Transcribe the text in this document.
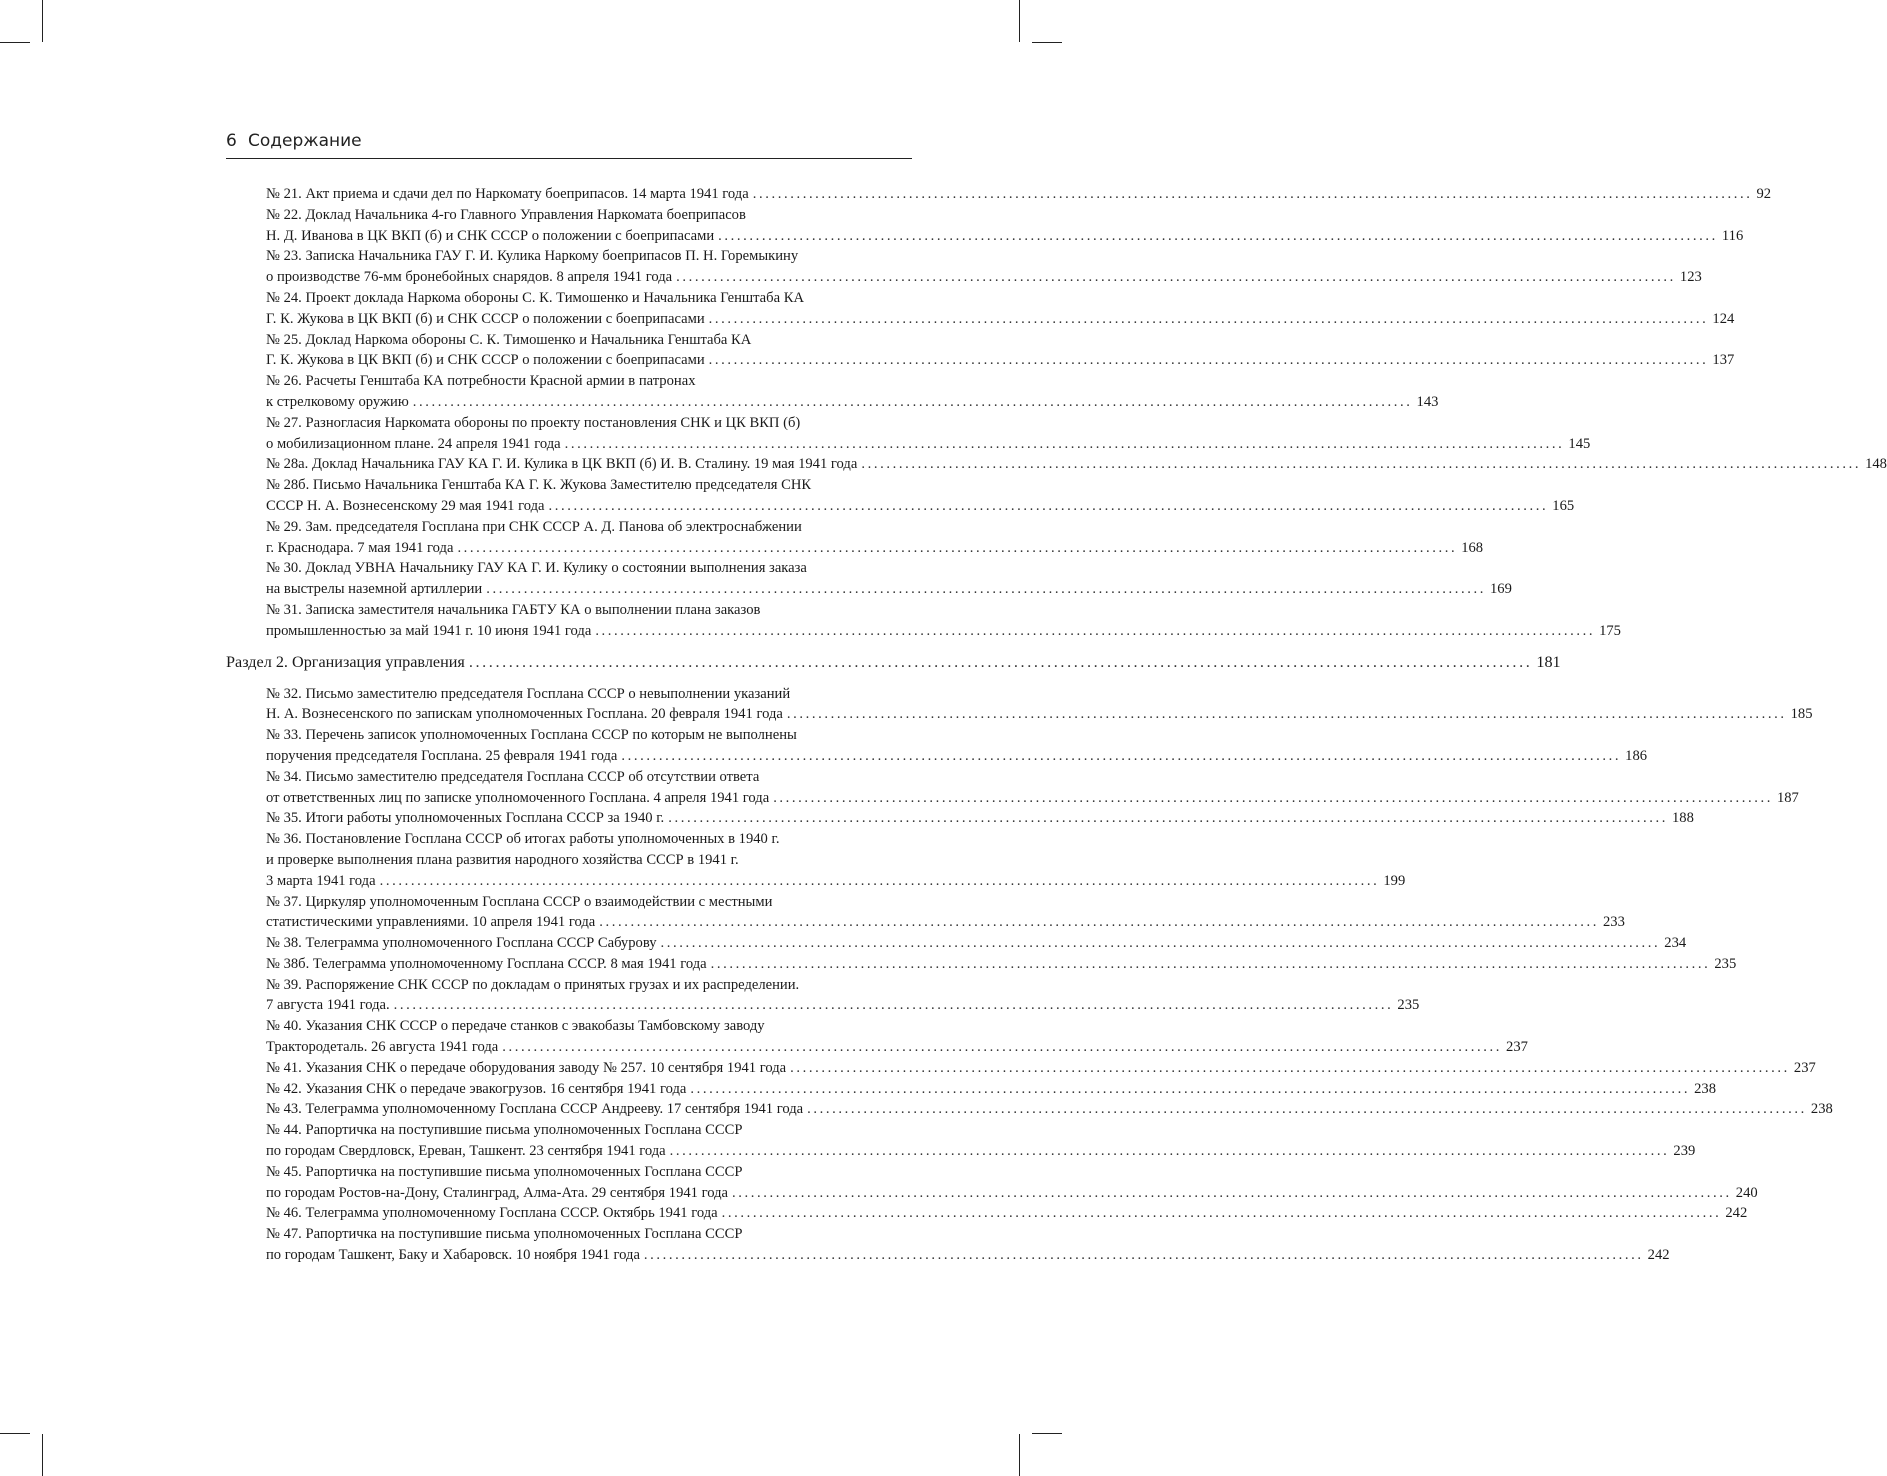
6 Содержание
№ 21. Акт приема и сдачи дел по Наркомату боеприпасов. 14 марта 1941 года ................................................................................................................................................................ 92
№ 22. Доклад Начальника 4-го Главного Управления Наркомата боеприпасов
Н. Д. Иванова в ЦК ВКП (б) и СНК СССР о положении с боеприпасами ................................................................................................................................................................ 116
№ 23. Записка Начальника ГАУ Г. И. Кулика Наркому боеприпасов П. Н. Горемыкину
о производстве 76-мм бронебойных снарядов. 8 апреля 1941 года ................................................................................................................................................................ 123
№ 24. Проект доклада Наркома обороны С. К. Тимошенко и Начальника Генштаба КА
Г. К. Жукова в ЦК ВКП (б) и СНК СССР о положении с боеприпасами ................................................................................................................................................................ 124
№ 25. Доклад Наркома обороны С. К. Тимошенко и Начальника Генштаба КА
Г. К. Жукова в ЦК ВКП (б) и СНК СССР о положении с боеприпасами ................................................................................................................................................................ 137
№ 26. Расчеты Генштаба КА потребности Красной армии в патронах
к стрелковому оружию ................................................................................................................................................................ 143
№ 27. Разногласия Наркомата обороны по проекту постановления СНК и ЦК ВКП (б)
о мобилизационном плане. 24 апреля 1941 года ................................................................................................................................................................ 145
№ 28а. Доклад Начальника ГАУ КА Г. И. Кулика в ЦК ВКП (б) И. В. Сталину. 19 мая 1941 года ................................................................................................................................................................ 148
№ 28б. Письмо Начальника Генштаба КА Г. К. Жукова Заместителю председателя СНК
СССР Н. А. Вознесенскому 29 мая 1941 года ................................................................................................................................................................ 165
№ 29. Зам. председателя Госплана при СНК СССР А. Д. Панова об электроснабжении
г. Краснодара. 7 мая 1941 года ................................................................................................................................................................ 168
№ 30. Доклад УВНА Начальнику ГАУ КА Г. И. Кулику о состоянии выполнения заказа
на выстрелы наземной артиллерии ................................................................................................................................................................ 169
№ 31. Записка заместителя начальника ГАБТУ КА о выполнении плана заказов
промышленностью за май 1941 г. 10 июня 1941 года ................................................................................................................................................................ 175
Раздел 2. Организация управления ................................................................................................................................................................ 181
№ 32. Письмо заместителю председателя Госплана СССР о невыполнении указаний
Н. А. Вознесенского по запискам уполномоченных Госплана. 20 февраля 1941 года ................................................................................................................................................................ 185
№ 33. Перечень записок уполномоченных Госплана СССР по которым не выполнены
поручения председателя Госплана. 25 февраля 1941 года ................................................................................................................................................................ 186
№ 34. Письмо заместителю председателя Госплана СССР об отсутствии ответа
от ответственных лиц по записке уполномоченного Госплана. 4 апреля 1941 года ................................................................................................................................................................ 187
№ 35. Итоги работы уполномоченных Госплана СССР за 1940 г. ................................................................................................................................................................ 188
№ 36. Постановление Госплана СССР об итогах работы уполномоченных в 1940 г.
и проверке выполнения плана развития народного хозяйства СССР в 1941 г.
3 марта 1941 года ................................................................................................................................................................ 199
№ 37. Циркуляр уполномоченным Госплана СССР о взаимодействии с местными
статистическими управлениями. 10 апреля 1941 года ................................................................................................................................................................ 233
№ 38. Телеграмма уполномоченного Госплана СССР Сабурову ................................................................................................................................................................ 234
№ 38б. Телеграмма уполномоченному Госплана СССР. 8 мая 1941 года ................................................................................................................................................................ 235
№ 39. Распоряжение СНК СССР по докладам о принятых грузах и их распределении.
7 августа 1941 года. ................................................................................................................................................................ 235
№ 40. Указания СНК СССР о передаче станков с эвакобазы Тамбовскому заводу
Трактородеталь. 26 августа 1941 года ................................................................................................................................................................ 237
№ 41. Указания СНК о передаче оборудования заводу № 257. 10 сентября 1941 года ................................................................................................................................................................ 237
№ 42. Указания СНК о передаче эвакогрузов. 16 сентября 1941 года ................................................................................................................................................................ 238
№ 43. Телеграмма уполномоченному Госплана СССР Андрееву. 17 сентября 1941 года ................................................................................................................................................................ 238
№ 44. Рапортичка на поступившие письма уполномоченных Госплана СССР
по городам Свердловск, Ереван, Ташкент. 23 сентября 1941 года ................................................................................................................................................................ 239
№ 45. Рапортичка на поступившие письма уполномоченных Госплана СССР
по городам Ростов-на-Дону, Сталинград, Алма-Ата. 29 сентября 1941 года ................................................................................................................................................................ 240
№ 46. Телеграмма уполномоченному Госплана СССР. Октябрь 1941 года ................................................................................................................................................................ 242
№ 47. Рапортичка на поступившие письма уполномоченных Госплана СССР
по городам Ташкент, Баку и Хабаровск. 10 ноября 1941 года ................................................................................................................................................................ 242
